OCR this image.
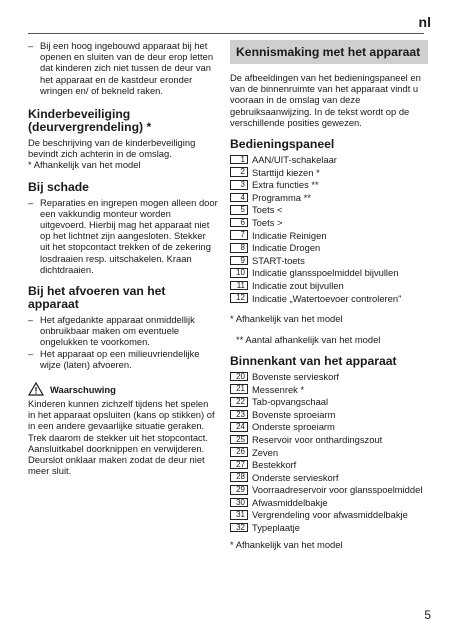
nl
– Bij een hoog ingebouwd apparaat bij het openen en sluiten van de deur erop letten dat kinderen zich niet tussen de deur van het apparaat en de kastdeur eronder wringen en/ of bekneld raken.
Kinderbeveiliging (deurvergrendeling) *

De beschrijving van de kinderbeveiliging bevindt zich achterin in de omslag.

* Afhankelijk van het model

Bij schade
– Reparaties en ingrepen mogen alleen door een vakkundig monteur worden uitgevoerd. Hierbij mag het apparaat niet op het lichtnet zijn aangesloten. Stekker uit het stopcontact trekken of de zekering losdraaien resp. uitschakelen. Kraan dichtdraaien.
Bij het afvoeren van het apparaat
– Het afgedankte apparaat onmiddellijk onbruikbaar maken om eventuele ongelukken te voorkomen.
– Het apparaat op een milieuvriendelijke wijze (laten) afvoeren.
Waarschuwing

Kinderen kunnen zichzelf tijdens het spelen in het apparaat opsluiten (kans op stikken) of in een andere gevaarlijke situatie geraken.

Trek daarom de stekker uit het stopcontact. Aansluitkabel doorknippen en verwijderen. Deurslot onklaar maken zodat de deur niet meer sluit.

Kennismaking met het apparaat

De afbeeldingen van het bedieningspaneel en van de binnenruimte van het apparaat vindt u vooraan in de omslag van deze gebruiksaanwijzing. In de tekst wordt op de verschillende posities gewezen.

Bedieningspaneel
1 AAN/UIT-schakelaar
2 Starttijd kiezen *
3 Extra functies **
4 Programma **
5 Toets <
6 Toets >
7 Indicatie Reinigen
8 Indicatie Drogen
9 START-toets
10 Indicatie glansspoelmiddel bijvullen
11 Indicatie zout bijvullen
12 Indicatie „Watertoevoer controleren"

* Afhankelijk van het model

** Aantal afhankelijk van het model

Binnenkant van het apparaat
20 Bovenste servieskorf
21 Messenrek *
22 Tab-opvangschaal
23 Bovenste sproeiarm
24 Onderste sproeiarm
25 Reservoir voor onthardingszout
26 Zeven
27 Bestekkorf
28 Onderste servieskorf
29 Voorraadreservoir voor glansspoelmiddel
30 Afwasmiddelbakje
31 Vergrendeling voor afwasmiddelbakje
32 Typeplaatje

* Afhankelijk van het model

5
